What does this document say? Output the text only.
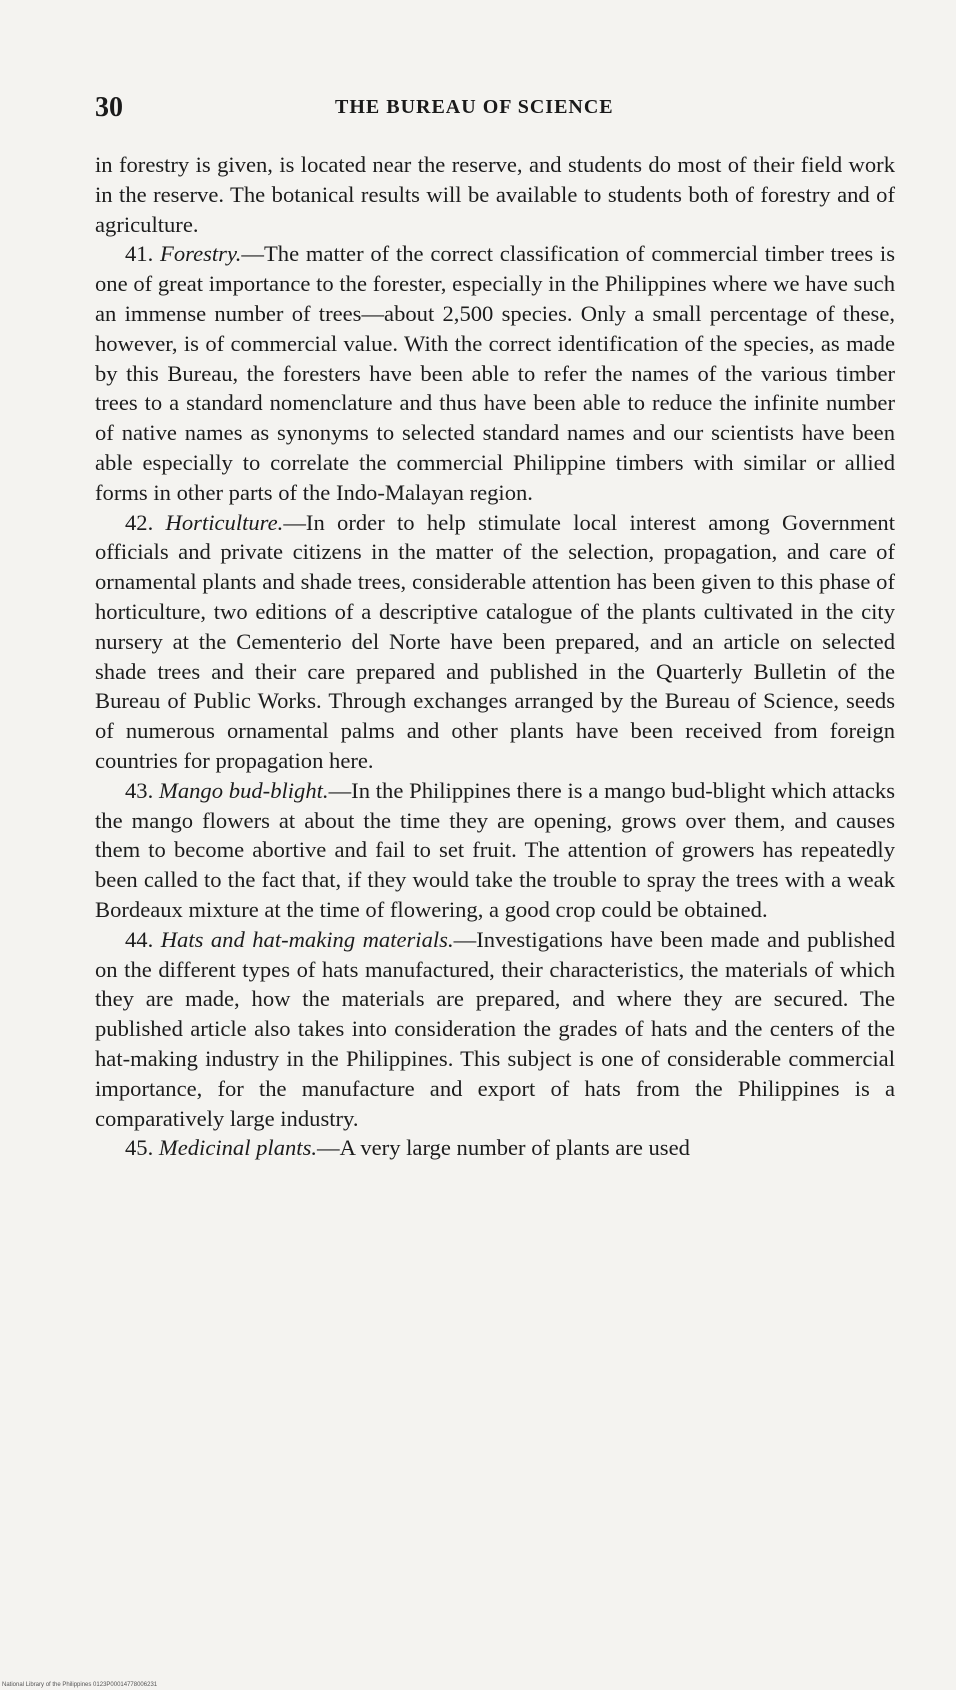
30	THE BUREAU OF SCIENCE

in forestry is given, is located near the reserve, and students do most of their field work in the reserve. The botanical results will be available to students both of forestry and of agriculture.

41. Forestry.—The matter of the correct classification of commercial timber trees is one of great importance to the forester, especially in the Philippines where we have such an immense number of trees—about 2,500 species. Only a small percentage of these, however, is of commercial value. With the correct identification of the species, as made by this Bureau, the foresters have been able to refer the names of the various timber trees to a standard nomenclature and thus have been able to reduce the infinite number of native names as synonyms to selected standard names and our scientists have been able especially to correlate the commercial Philippine timbers with similar or allied forms in other parts of the Indo-Malayan region.

42. Horticulture.—In order to help stimulate local interest among Government officials and private citizens in the matter of the selection, propagation, and care of ornamental plants and shade trees, considerable attention has been given to this phase of horticulture, two editions of a descriptive catalogue of the plants cultivated in the city nursery at the Cementerio del Norte have been prepared, and an article on selected shade trees and their care prepared and published in the Quarterly Bulletin of the Bureau of Public Works. Through exchanges arranged by the Bureau of Science, seeds of numerous ornamental palms and other plants have been received from foreign countries for propagation here.

43. Mango bud-blight.—In the Philippines there is a mango bud-blight which attacks the mango flowers at about the time they are opening, grows over them, and causes them to become abortive and fail to set fruit. The attention of growers has repeatedly been called to the fact that, if they would take the trouble to spray the trees with a weak Bordeaux mixture at the time of flowering, a good crop could be obtained.

44. Hats and hat-making materials.—Investigations have been made and published on the different types of hats manufactured, their characteristics, the materials of which they are made, how the materials are prepared, and where they are secured. The published article also takes into consideration the grades of hats and the centers of the hat-making industry in the Philippines. This subject is one of considerable commercial importance, for the manufacture and export of hats from the Philippines is a comparatively large industry.

45. Medicinal plants.—A very large number of plants are used

National Library of the Philippines 0123P00014778006231
